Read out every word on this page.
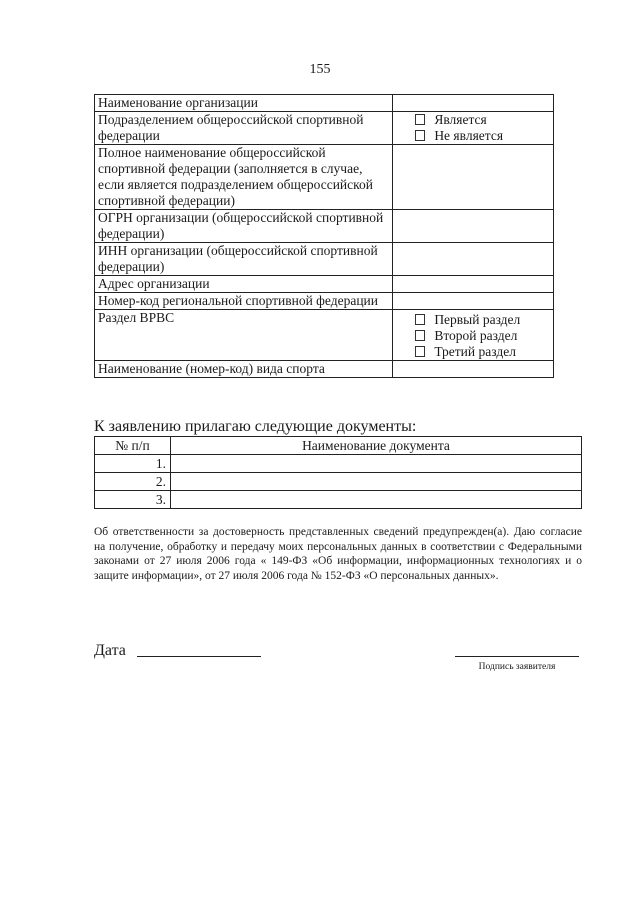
155
Наименование организации	
Подразделением общероссийской спортивной федерации	Является
Не является

Полное наименование общероссийской спортивной федерации (заполняется в случае, если является подразделением общероссийской спортивной федерации)	
ОГРН организации (общероссийской спортивной федерации)	
ИНН организации (общероссийской спортивной федерации)	
Адрес организации	
Номер-код региональной спортивной федерации	
Раздел ВРВС	Первый раздел
Второй раздел
Третий раздел

Наименование (номер-код) вида спорта	
К заявлению прилагаю следующие документы:
№ п/п	Наименование документа
1.	
2.	
3.	
Об ответственности за достоверность представленных сведений предупрежден(а). Даю согласие на получение, обработку и передачу моих персональных данных в соответствии с Федеральными законами от 27 июля 2006 года « 149-ФЗ «Об информации, информационных технологиях и о защите информации», от 27 июля 2006 года № 152-ФЗ «О персональных данных».
Дата
Подпись заявителя
